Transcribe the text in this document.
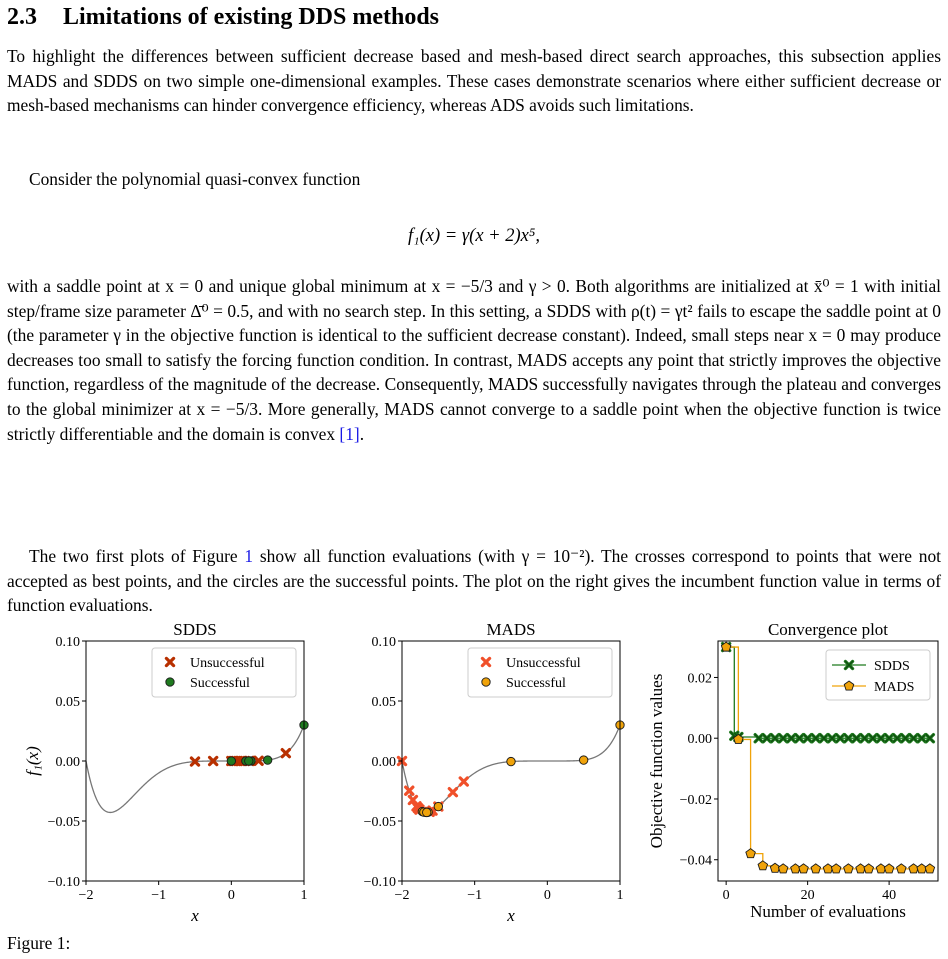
2.3 Limitations of existing DDS methods

To highlight the differences between sufficient decrease based and mesh-based direct search approaches, this subsection applies MADS and SDDS on two simple one-dimensional examples. These cases demonstrate scenarios where either sufficient decrease or mesh-based mechanisms can hinder convergence efficiency, whereas ADS avoids such limitations.

Consider the polynomial quasi-convex function

f₁(x) = γ(x + 2)x⁵,

with a saddle point at x = 0 and unique global minimum at x = −5/3 and γ > 0. Both algorithms are initialized at x̄⁰ = 1 with initial step/frame size parameter Δ̄⁰ = 0.5, and with no search step. In this setting, a SDDS with ρ(t) = γt² fails to escape the saddle point at 0 (the parameter γ in the objective function is identical to the sufficient decrease constant). Indeed, small steps near x = 0 may produce decreases too small to satisfy the forcing function condition. In contrast, MADS accepts any point that strictly improves the objective function, regardless of the magnitude of the decrease. Consequently, MADS successfully navigates through the plateau and converges to the global minimizer at x = −5/3. More generally, MADS cannot converge to a saddle point when the objective function is twice strictly differentiable and the domain is convex [1].

The two first plots of Figure 1 show all function evaluations (with γ = 10⁻²). The crosses correspond to points that were not accepted as best points, and the circles are the successful points. The plot on the right gives the incumbent function value in terms of function evaluations.

−2	−1	0	1
−0.10
−0.05
0.00
0.05
0.10
SDDS
x
f₁(x)
Unsuccessful
Successful
−2	−1	0	1
−0.10
−0.05
0.00
0.05
0.10
MADS
x
Unsuccessful
Successful
0	20	40
−0.04
−0.02
0.00
0.02
Convergence plot
Number of evaluations
Objective function values
SDDS
MADS
Figure 1:
